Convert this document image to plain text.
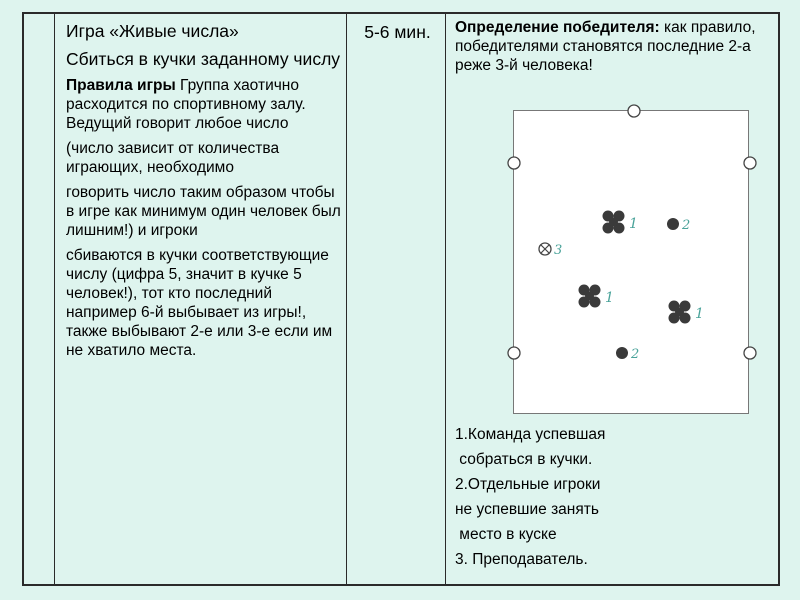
Игра «Живые числа»

Сбиться в кучки заданному числу

Правила игры Группа хаотично расходится по спортивному залу. Ведущий говорит любое число

(число зависит от количества играющих, необходимо

говорить число таким образом чтобы в игре как минимум один человек был лишним!) и игроки

сбиваются в кучки соответствующие числу (цифра 5, значит в кучке 5 человек!), тот кто последний например 6-й выбывает из игры!, также выбывают 2-е или 3-е если им не хватило места.

5-6 мин.	Определение победителя: как правило, победителями становятся последние 2-а реже 3-й человека!

1	2
3
1
1
2
1.Команда успевшая
собраться в кучки.
2.Отдельные игроки
не успевшие занять
место в куске
3. Преподаватель.
